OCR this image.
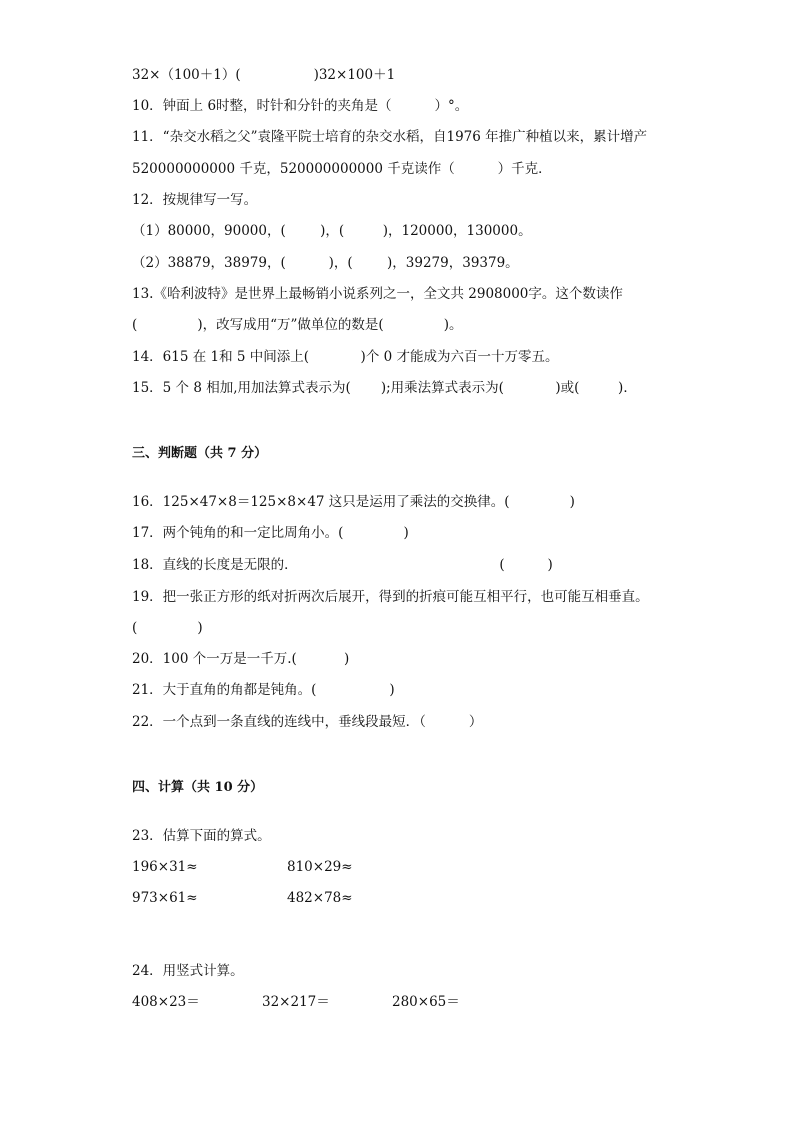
32×（100＋1）(                 )32×100＋1
10．钟面上 6时整，时针和分针的夹角是（          ）°。
11．“杂交水稻之父”袁隆平院士培育的杂交水稻，自1976 年推广种植以来，累计增产
520000000000 千克，520000000000 千克读作（          ）千克．
12．按规律写一写。
（1）80000，90000，(        )，(         )，120000，130000。
（2）38879，38979，(          )，(        )，39279，39379。
13.《哈利波特》是世界上最畅销小说系列之一，全文共 2908000字。这个数读作
(              )，改写成用“万”做单位的数是(              )。
14．615 在 1和 5 中间添上(            )个 0 才能成为六百一十万零五。
15．5 个 8 相加,用加法算式表示为(       );用乘法算式表示为(            )或(         )．
三、判断题（共 7 分）
16．125×47×8＝125×8×47 这只是运用了乘法的交换律。(              )
17．两个钝角的和一定比周角小。(              )
18．直线的长度是无限的．                                               (          )
19．把一张正方形的纸对折两次后展开，得到的折痕可能互相平行，也可能互相垂直。
(              )
20．100 个一万是一千万.(           )
21．大于直角的角都是钝角。(                 )
22．一个点到一条直线的连线中，垂线段最短．（          ）
四、计算（共 10 分）
23．估算下面的算式。
196×31≈	810×29≈
973×61≈	482×78≈
24．用竖式计算。
408×23＝	32×217＝	280×65＝
